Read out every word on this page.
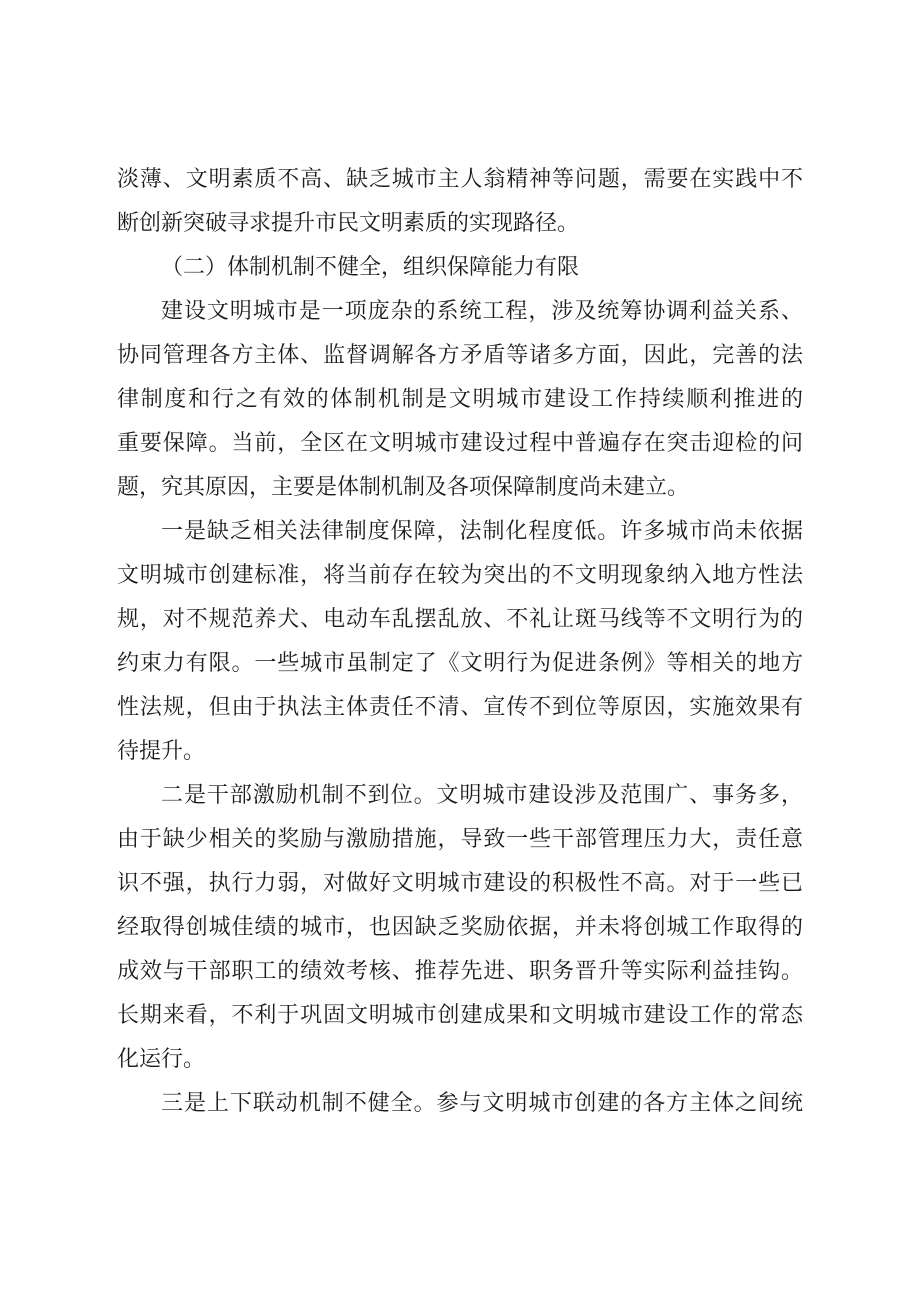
淡薄、文明素质不高、缺乏城市主人翁精神等问题，需要在实践中不
断创新突破寻求提升市民文明素质的实现路径。

（二）体制机制不健全，组织保障能力有限

建设文明城市是一项庞杂的系统工程，涉及统筹协调利益关系、
协同管理各方主体、监督调解各方矛盾等诸多方面，因此，完善的法
律制度和行之有效的体制机制是文明城市建设工作持续顺利推进的
重要保障。当前，全区在文明城市建设过程中普遍存在突击迎检的问
题，究其原因，主要是体制机制及各项保障制度尚未建立。

一是缺乏相关法律制度保障，法制化程度低。许多城市尚未依据
文明城市创建标准，将当前存在较为突出的不文明现象纳入地方性法
规，对不规范养犬、电动车乱摆乱放、不礼让斑马线等不文明行为的
约束力有限。一些城市虽制定了《文明行为促进条例》等相关的地方
性法规，但由于执法主体责任不清、宣传不到位等原因，实施效果有
待提升。

二是干部激励机制不到位。文明城市建设涉及范围广、事务多，
由于缺少相关的奖励与激励措施，导致一些干部管理压力大，责任意
识不强，执行力弱，对做好文明城市建设的积极性不高。对于一些已
经取得创城佳绩的城市，也因缺乏奖励依据，并未将创城工作取得的
成效与干部职工的绩效考核、推荐先进、职务晋升等实际利益挂钩。
长期来看，不利于巩固文明城市创建成果和文明城市建设工作的常态
化运行。

三是上下联动机制不健全。参与文明城市创建的各方主体之间统
